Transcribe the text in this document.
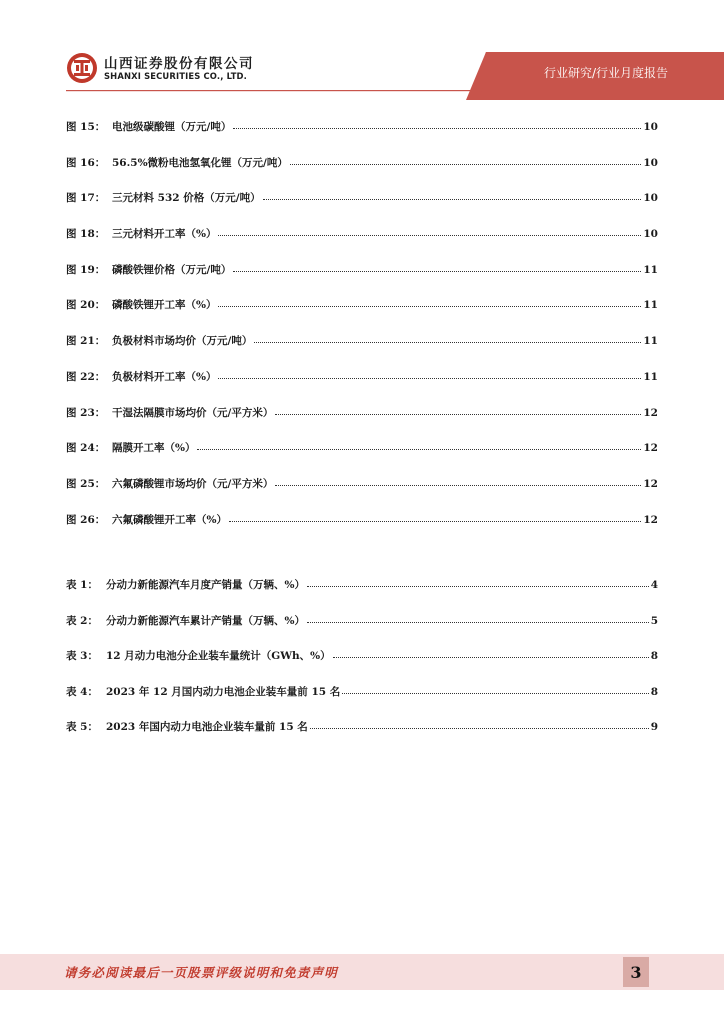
山西证券股份有限公司
SHANXI SECURITIES CO., LTD.	行业研究/行业月度报告
图 15： 电池级碳酸锂（万元/吨）	10
图 16： 56.5%微粉电池氢氧化锂（万元/吨）	10
图 17： 三元材料 532 价格（万元/吨）	10
图 18： 三元材料开工率（%）	10
图 19： 磷酸铁锂价格（万元/吨）	11
图 20： 磷酸铁锂开工率（%）	11
图 21： 负极材料市场均价（万元/吨）	11
图 22： 负极材料开工率（%）	11
图 23： 干湿法隔膜市场均价（元/平方米）	12
图 24： 隔膜开工率（%）	12
图 25： 六氟磷酸锂市场均价（元/平方米）	12
图 26： 六氟磷酸锂开工率（%）	12
表 1： 分动力新能源汽车月度产销量（万辆、%）	4
表 2： 分动力新能源汽车累计产销量（万辆、%）	5
表 3： 12 月动力电池分企业装车量统计（GWh、%）	8
表 4： 2023 年 12 月国内动力电池企业装车量前 15 名	8
表 5： 2023 年国内动力电池企业装车量前 15 名	9
请务必阅读最后一页股票评级说明和免责声明	3
